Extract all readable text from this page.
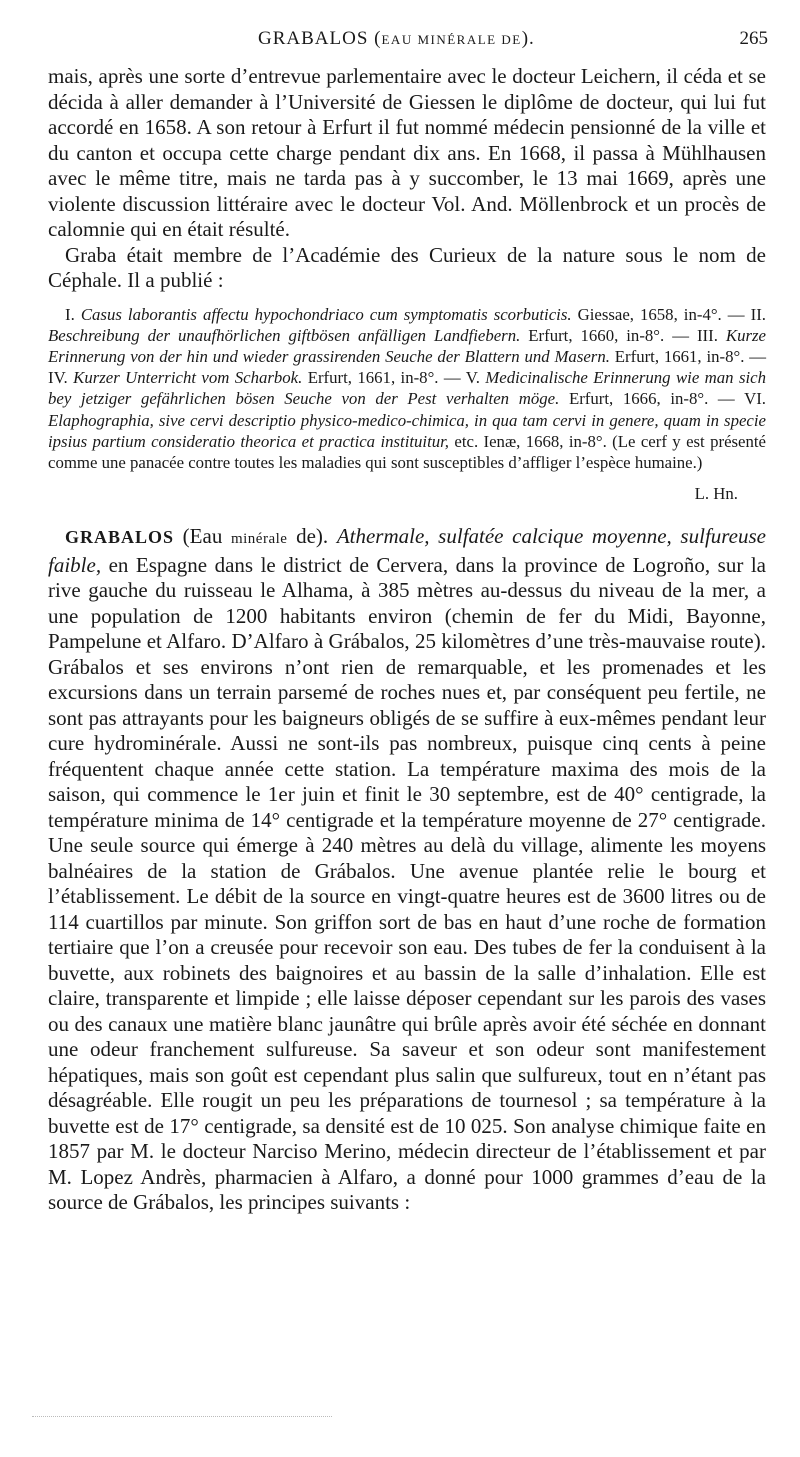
GRABALOS (EAU MINÉRALE DE).	265

mais, après une sorte d’entrevue parlementaire avec le docteur Leichern, il céda et se décida à aller demander à l’Université de Giessen le diplôme de docteur, qui lui fut accordé en 1658. A son retour à Erfurt il fut nommé médecin pensionné de la ville et du canton et occupa cette charge pendant dix ans. En 1668, il passa à Mühlhausen avec le même titre, mais ne tarda pas à y succomber, le 13 mai 1669, après une violente discussion littéraire avec le docteur Vol. And. Möllenbrock et un procès de calomnie qui en était résulté.

Graba était membre de l’Académie des Curieux de la nature sous le nom de Céphale. Il a publié :

I. Casus laborantis affectu hypochondriaco cum symptomatis scorbuticis. Giessae, 1658, in-4°. — II. Beschreibung der unaufhörlichen giftbösen anfälligen Landfiebern. Erfurt, 1660, in-8°. — III. Kurze Erinnerung von der hin und wieder grassirenden Seuche der Blattern und Masern. Erfurt, 1661, in-8°. — IV. Kurzer Unterricht vom Scharbok. Erfurt, 1661, in-8°. — V. Medicinalische Erinnerung wie man sich bey jetziger gefährlichen bösen Seuche von der Pest verhalten möge. Erfurt, 1666, in-8°. — VI. Elaphographia, sive cervi descriptio physico-medico-chimica, in qua tam cervi in genere, quam in specie ipsius partium consideratio theorica et practica instituitur, etc. Ienæ, 1668, in-8°. (Le cerf y est présenté comme une panacée contre toutes les maladies qui sont susceptibles d’affliger l’espèce humaine.)

L. Hn.

GRABALOS (Eau minérale de). Athermale, sulfatée calcique moyenne, sulfureuse faible, en Espagne dans le district de Cervera, dans la province de Logroño, sur la rive gauche du ruisseau le Alhama, à 385 mètres au-dessus du niveau de la mer, a une population de 1200 habitants environ (chemin de fer du Midi, Bayonne, Pampelune et Alfaro. D’Alfaro à Grábalos, 25 kilomètres d’une très-mauvaise route). Grábalos et ses environs n’ont rien de remarquable, et les promenades et les excursions dans un terrain parsemé de roches nues et, par conséquent peu fertile, ne sont pas attrayants pour les baigneurs obligés de se suffire à eux-mêmes pendant leur cure hydrominérale. Aussi ne sont-ils pas nombreux, puisque cinq cents à peine fréquentent chaque année cette station. La température maxima des mois de la saison, qui commence le 1er juin et finit le 30 septembre, est de 40° centigrade, la température minima de 14° centigrade et la température moyenne de 27° centigrade. Une seule source qui émerge à 240 mètres au delà du village, alimente les moyens balnéaires de la station de Grábalos. Une avenue plantée relie le bourg et l’établissement. Le débit de la source en vingt-quatre heures est de 3600 litres ou de 114 cuartillos par minute. Son griffon sort de bas en haut d’une roche de formation tertiaire que l’on a creusée pour recevoir son eau. Des tubes de fer la conduisent à la buvette, aux robinets des baignoires et au bassin de la salle d’inhalation. Elle est claire, transparente et limpide ; elle laisse déposer cependant sur les parois des vases ou des canaux une matière blanc jaunâtre qui brûle après avoir été séchée en donnant une odeur franchement sulfureuse. Sa saveur et son odeur sont manifestement hépatiques, mais son goût est cependant plus salin que sulfureux, tout en n’étant pas désagréable. Elle rougit un peu les préparations de tournesol ; sa température à la buvette est de 17° centigrade, sa densité est de 10 025. Son analyse chimique faite en 1857 par M. le docteur Narciso Merino, médecin directeur de l’établissement et par M. Lopez Andrès, pharmacien à Alfaro, a donné pour 1000 grammes d’eau de la source de Grábalos, les principes suivants :
